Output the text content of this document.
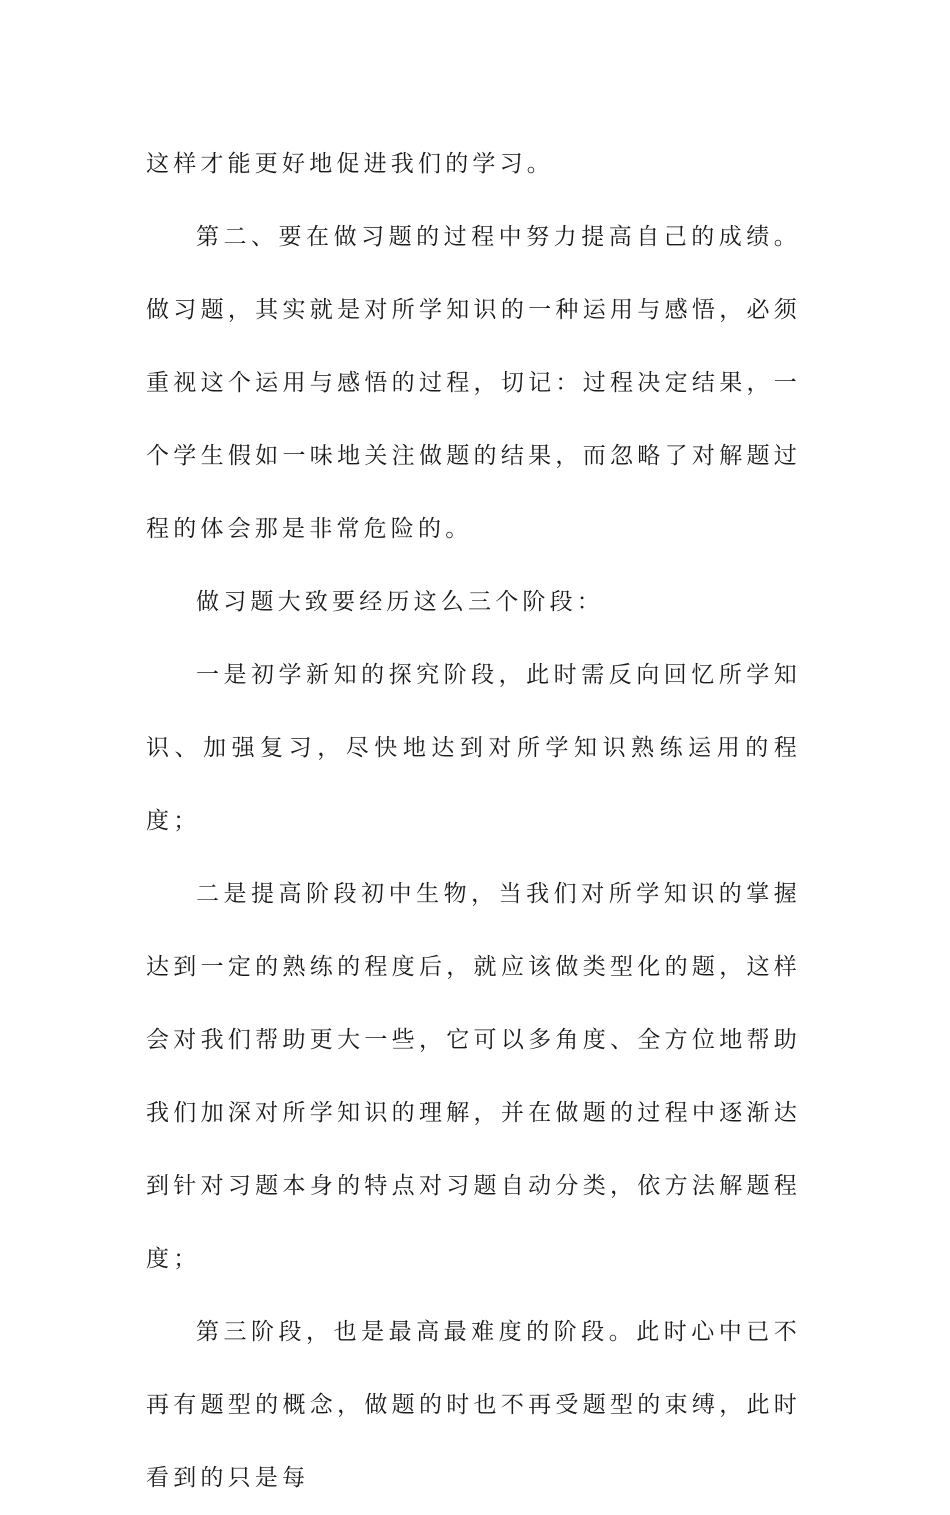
这样才能更好地促进我们的学习。

第二、要在做习题的过程中努力提高自己的成绩。做习题，其实就是对所学知识的一种运用与感悟，必须重视这个运用与感悟的过程，切记：过程决定结果，一个学生假如一味地关注做题的结果，而忽略了对解题过程的体会那是非常危险的。

做习题大致要经历这么三个阶段：

一是初学新知的探究阶段，此时需反向回忆所学知识、加强复习，尽快地达到对所学知识熟练运用的程度；

二是提高阶段初中生物，当我们对所学知识的掌握达到一定的熟练的程度后，就应该做类型化的题，这样会对我们帮助更大一些，它可以多角度、全方位地帮助我们加深对所学知识的理解，并在做题的过程中逐渐达到针对习题本身的特点对习题自动分类，依方法解题程度；

第三阶段，也是最高最难度的阶段。此时心中已不再有题型的概念，做题的时也不再受题型的束缚，此时看到的只是每
